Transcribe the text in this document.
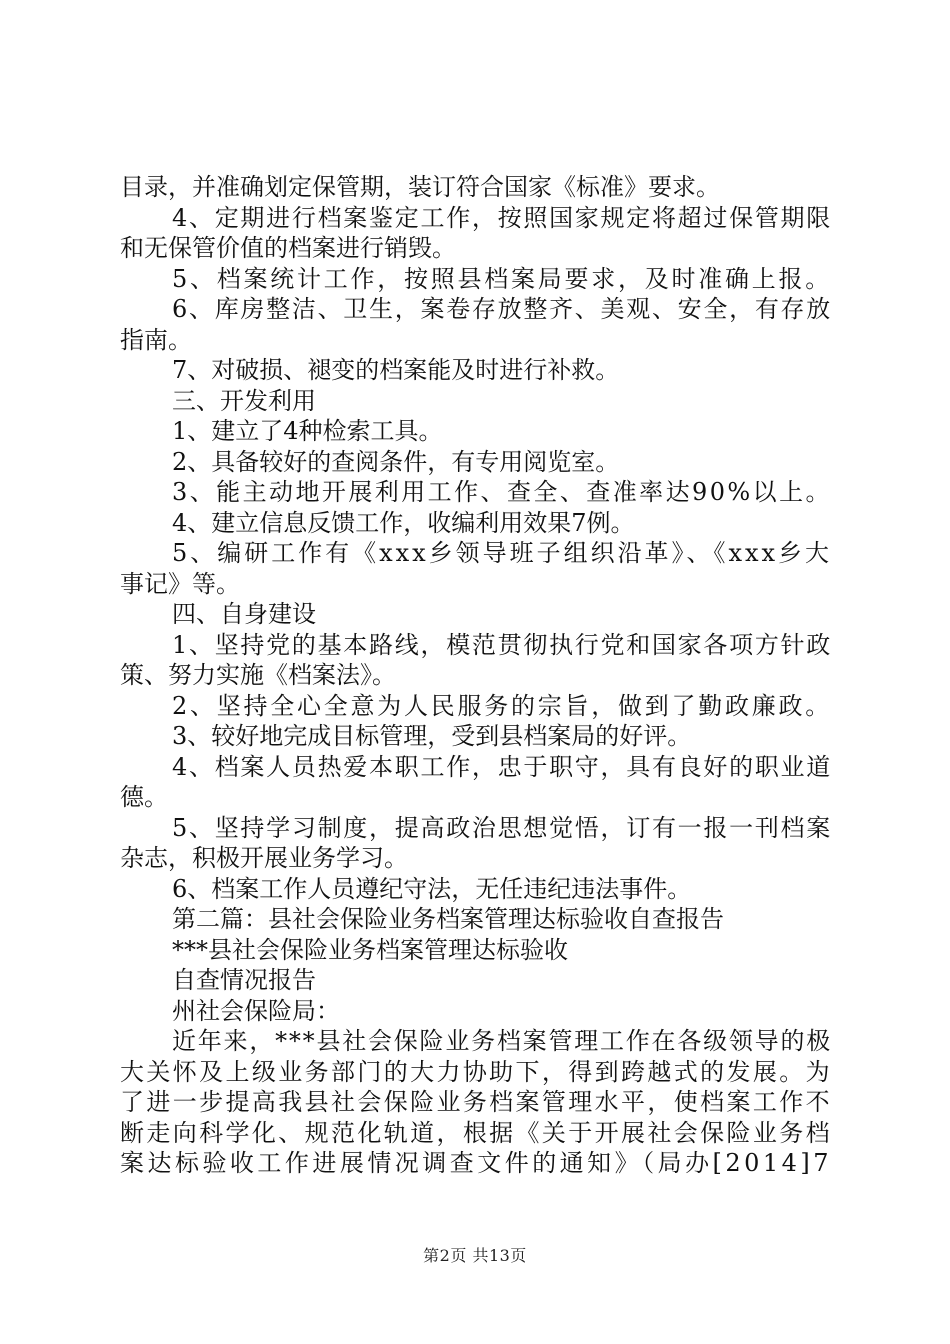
目录，并准确划定保管期，装订符合国家《标准》要求。
4、定期进行档案鉴定工作，按照国家规定将超过保管期限
和无保管价值的档案进行销毁。
5、档案统计工作，按照县档案局要求，及时准确上报。
6、库房整洁、卫生，案卷存放整齐、美观、安全，有存放
指南。
7、对破损、褪变的档案能及时进行补救。
三、开发利用
1、建立了4种检索工具。
2、具备较好的查阅条件，有专用阅览室。
3、能主动地开展利用工作、查全、查准率达90%以上。
4、建立信息反馈工作，收编利用效果7例。
5、编研工作有《xxx乡领导班子组织沿革》、《xxx乡大
事记》等。
四、自身建设
1、坚持党的基本路线，模范贯彻执行党和国家各项方针政
策、努力实施《档案法》。
2、坚持全心全意为人民服务的宗旨，做到了勤政廉政。
3、较好地完成目标管理，受到县档案局的好评。
4、档案人员热爱本职工作，忠于职守，具有良好的职业道
德。
5、坚持学习制度，提高政治思想觉悟，订有一报一刊档案
杂志，积极开展业务学习。
6、档案工作人员遵纪守法，无任违纪违法事件。
第二篇：县社会保险业务档案管理达标验收自查报告
***县社会保险业务档案管理达标验收
自查情况报告
州社会保险局：
近年来，***县社会保险业务档案管理工作在各级领导的极
大关怀及上级业务部门的大力协助下，得到跨越式的发展。为
了进一步提高我县社会保险业务档案管理水平，使档案工作不
断走向科学化、规范化轨道，根据《关于开展社会保险业务档
案达标验收工作进展情况调查文件的通知》（局办[2014]7
第2页 共13页
